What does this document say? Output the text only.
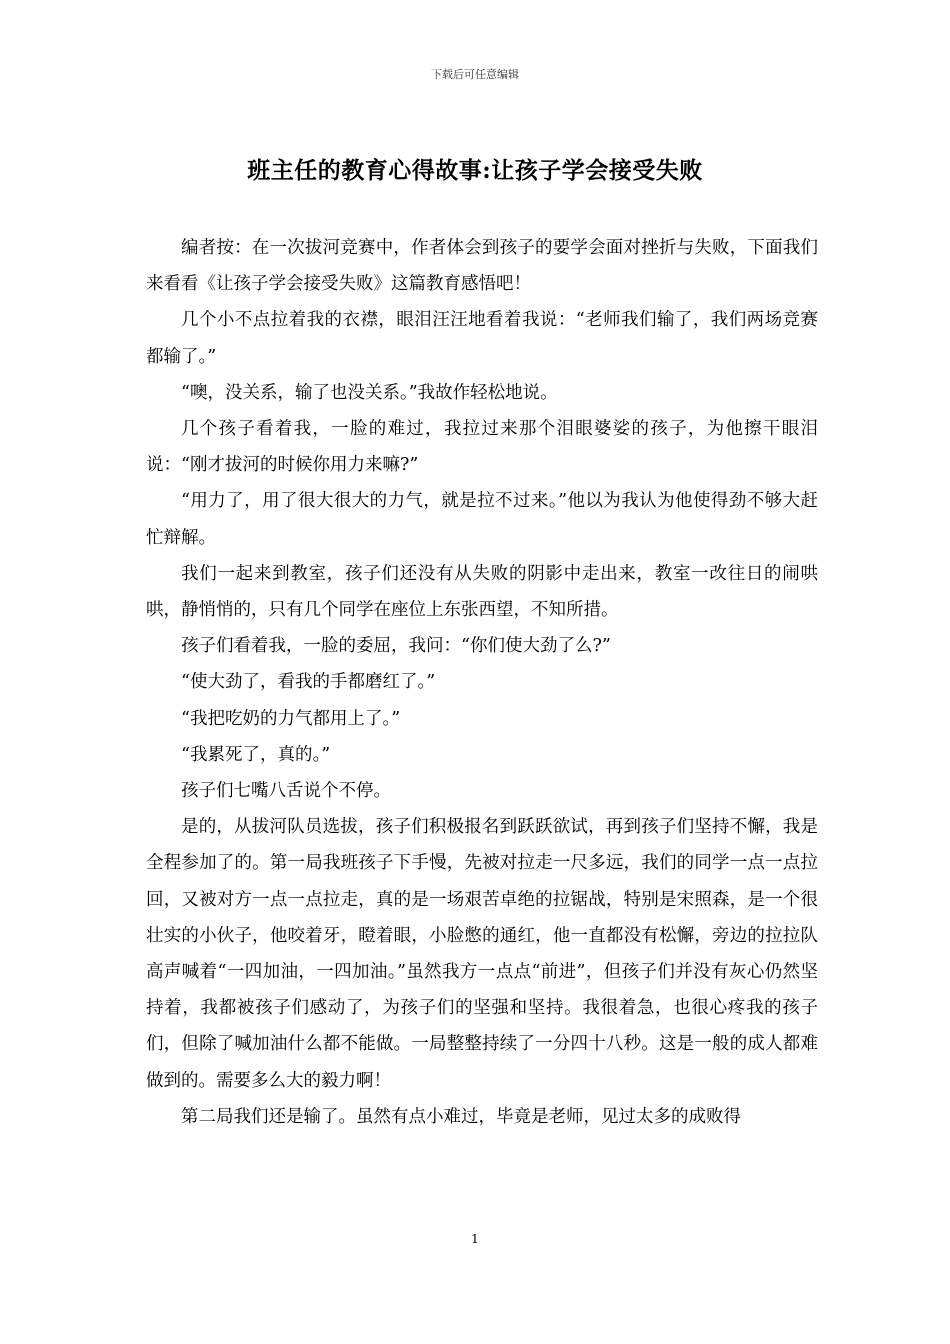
下载后可任意编辑
班主任的教育心得故事:让孩子学会接受失败

编者按：在一次拔河竞赛中，作者体会到孩子的要学会面对挫折与失败，下面我们来看看《让孩子学会接受失败》这篇教育感悟吧！

几个小不点拉着我的衣襟，眼泪汪汪地看着我说：“老师我们输了，我们两场竞赛都输了。”

“噢，没关系，输了也没关系。”我故作轻松地说。

几个孩子看着我，一脸的难过，我拉过来那个泪眼婆娑的孩子，为他擦干眼泪说：“刚才拔河的时候你用力来嘛?”

“用力了，用了很大很大的力气，就是拉不过来。”他以为我认为他使得劲不够大赶忙辩解。

我们一起来到教室，孩子们还没有从失败的阴影中走出来，教室一改往日的闹哄哄，静悄悄的，只有几个同学在座位上东张西望，不知所措。

孩子们看着我，一脸的委屈，我问：“你们使大劲了么?”

“使大劲了，看我的手都磨红了。”

“我把吃奶的力气都用上了。”

“我累死了，真的。”

孩子们七嘴八舌说个不停。

是的，从拔河队员选拔，孩子们积极报名到跃跃欲试，再到孩子们坚持不懈，我是全程参加了的。第一局我班孩子下手慢，先被对拉走一尺多远，我们的同学一点一点拉回，又被对方一点一点拉走，真的是一场艰苦卓绝的拉锯战，特别是宋照森，是一个很壮实的小伙子，他咬着牙，瞪着眼，小脸憋的通红，他一直都没有松懈，旁边的拉拉队高声喊着“一四加油，一四加油。”虽然我方一点点“前进”，但孩子们并没有灰心仍然坚持着，我都被孩子们感动了，为孩子们的坚强和坚持。我很着急，也很心疼我的孩子们，但除了喊加油什么都不能做。一局整整持续了一分四十八秒。这是一般的成人都难做到的。需要多么大的毅力啊！

第二局我们还是输了。虽然有点小难过，毕竟是老师，见过太多的成败得

1
